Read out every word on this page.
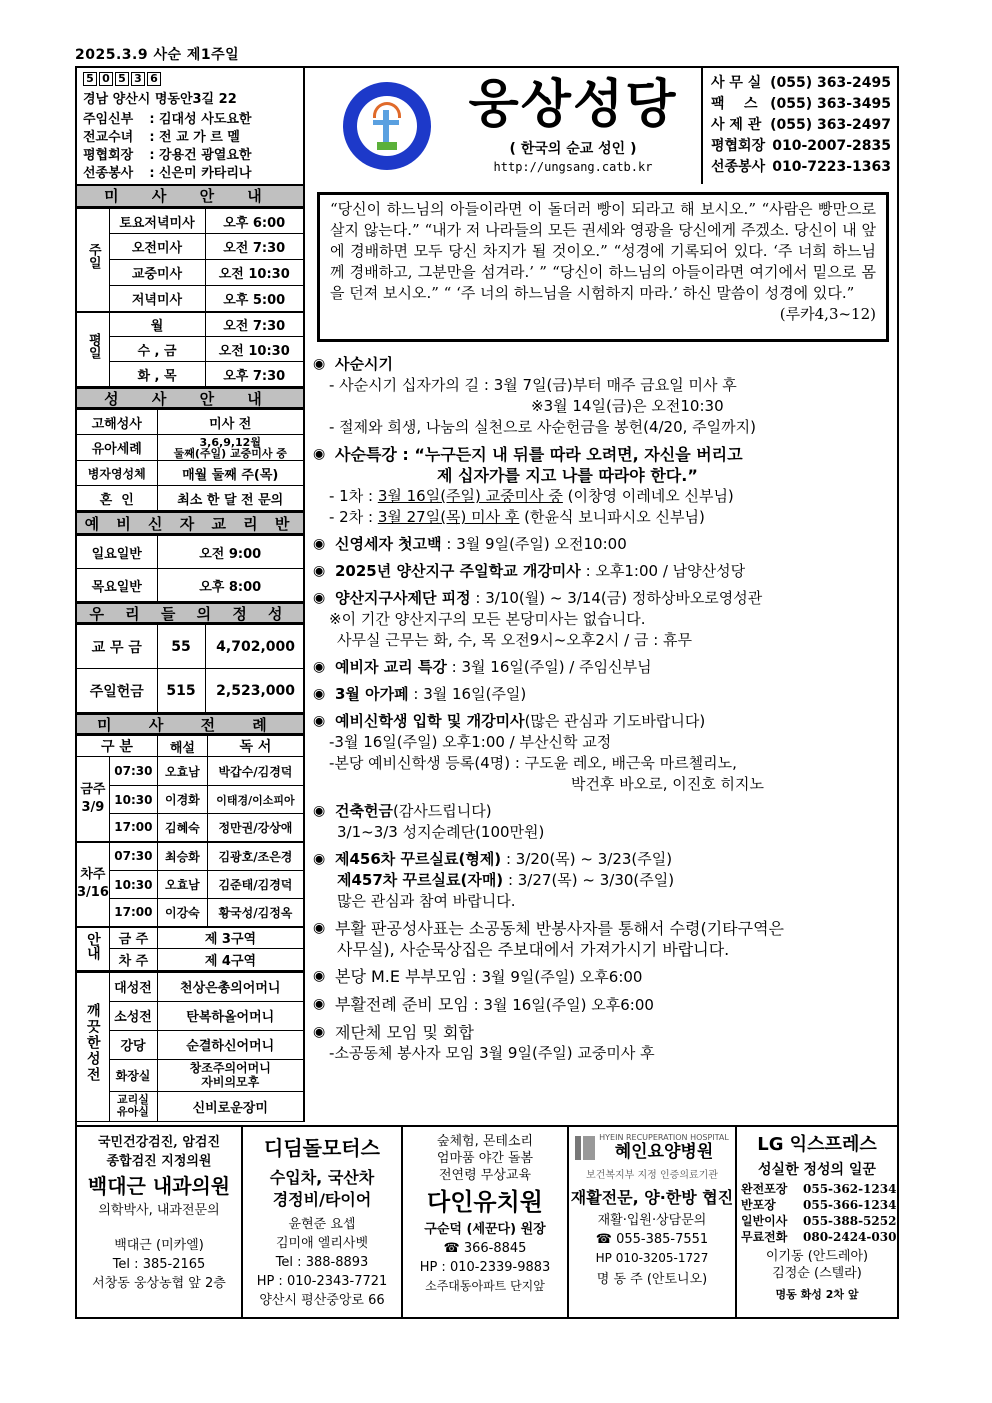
2025.3.9 사순 제1주일
5 0 5 3 6
경남 양산시 명동안3길 22
주임신부	: 김대성 사도요한
전교수녀	: 전 교 가 르 멜
평협회장	: 강용건 광열요한
선종봉사	: 신은미 카타리나
웅상성당
( 한국의 순교 성인 )
http://ungsang.catb.kr
사 무 실 (055) 363-2495
팩    스 (055) 363-3495
사 제 관 (055) 363-2497
평협회장 010-2007-2835
선종봉사 010-7223-1363
미 사 안 내
주일	토요저녁미사	오후 6:00
	오전미사	오전 7:30
	교중미사	오전 10:30
	저녁미사	오후 5:00
평일	월	오전 7:30
	수 , 금	오전 10:30
	화 , 목	오후 7:30
성 사 안 내
고해성사	미사 전
유아세례	3,6,9,12월
둘째(주일) 교중미사 중

병자영성체	매월 둘째 주(목)
혼  인	최소 한 달 전 문의
예 비 신 자 교 리 반
일요일반	오전 9:00
목요일반	오후 8:00
우 리 들 의 정 성
교 무 금	55	4,702,000
주일헌금	515	2,523,000
미 사 전 례
구 분		해설	독 서

금주
3/9	07:30	오효남	박갑수/김경덕
	10:30	이경화	이태경/이소피아
	17:00	김혜숙	정만권/강상애

차주
3/16	07:30	최승화	김광호/조은경
	10:30	오효남	김준태/김경덕
	17:00	이강숙	황국성/김정옥
안내	금 주	제 3구역	
	차 주	제 4구역	
깨끗한성전	대성전	천상은총의어머니
	소성전	탄복하올어머니
	강당	순결하신어머니
	화장실	창조주의어머니
자비의모후

	교리실
유아실	신비로운장미
“당신이 하느님의 아들이라면 이 돌더러 빵이 되라고 해 보시오.” “사람은 빵만으로 살지 않는다.” “내가 저 나라들의 모든 권세와 영광을 당신에게 주겠소. 당신이 내 앞에 경배하면 모두 당신 차지가 될 것이오.” “성경에 기록되어 있다. ‘주 너희 하느님께 경배하고, 그분만을 섬겨라.’ ” “당신이 하느님의 아들이라면 여기에서 밑으로 몸을 던져 보시오.” “ ‘주 너의 하느님을 시험하지 마라.’ 하신 말씀이 성경에 있다.”
(루카4,3~12)
◉ 사순시기
- 사순시기 십자가의 길 : 3월 7일(금)부터 매주 금요일 미사 후
※3월 14일(금)은 오전10:30
- 절제와 희생, 나눔의 실천으로 사순헌금을 봉헌(4/20, 주일까지)
◉ 사순특강 : “누구든지 내 뒤를 따라 오려면, 자신을 버리고
제 십자가를 지고 나를 따라야 한다.”
- 1차 : 3월 16일(주일) 교중미사 중 (이창영 이레네오 신부님)
- 2차 : 3월 27일(목) 미사 후 (한윤식 보니파시오 신부님)
◉ 신영세자 첫고백 : 3월 9일(주일) 오전10:00
◉ 2025년 양산지구 주일학교 개강미사 : 오후1:00 / 남양산성당
◉ 양산지구사제단 피정 : 3/10(월) ~ 3/14(금) 정하상바오로영성관
※이 기간 양산지구의 모든 본당미사는 없습니다.
사무실 근무는 화, 수, 목 오전9시~오후2시 / 금 : 휴무
◉ 예비자 교리 특강 : 3월 16일(주일) / 주임신부님
◉ 3월 아가페 : 3월 16일(주일)
◉ 예비신학생 입학 및 개강미사(많은 관심과 기도바랍니다)
-3월 16일(주일) 오후1:00 / 부산신학 교정
-본당 예비신학생 등록(4명) : 구도윤 레오, 배근욱 마르첼리노,
박건후 바오로, 이진호 히지노
◉ 건축헌금(감사드립니다)
3/1~3/3 성지순례단(100만원)
◉ 제456차 꾸르실료(형제) : 3/20(목) ~ 3/23(주일)
제457차 꾸르실료(자매) : 3/27(목) ~ 3/30(주일)
많은 관심과 참여 바랍니다.
◉ 부활 판공성사표는 소공동체 반봉사자를 통해서 수령(기타구역은
사무실), 사순묵상집은 주보대에서 가져가시기 바랍니다.
◉ 본당 M.E 부부모임 : 3월 9일(주일) 오후6:00
◉ 부활전례 준비 모임 : 3월 16일(주일) 오후6:00
◉ 제단체 모임 및 회합
-소공동체 봉사자 모임 3월 9일(주일) 교중미사 후
국민건강검진, 암검진
종합검진 지정의원
백대근 내과의원
의학박사, 내과전문의
백대근 (미카엘)
Tel : 385-2165
서창동 웅상농협 앞 2층
디딤돌모터스
수입차, 국산차
경정비/타이어
윤현준 요셉
김미애 엘리사벳
Tel : 388-8893
HP : 010-2343-7721
양산시 평산중앙로 66
숲체험, 몬테소리
엄마품 야간 돌봄
전연령 무상교육
다인유치원
구순덕 (세꾼다) 원장
☎ 366-8845
HP : 010-2339-9883
소주대동아파트 단지앞
HYEIN RECUPERATION HOSPITAL
혜인요양병원
보건복지부 지정 인증의료기관
재활전문, 양·한방 협진
재활·입원·상담문의
☎ 055-385-7551
HP 010-3205-1727
명 동 주 (안토니오)
LG 익스프레스
성실한 정성의 일꾼
완전포장	055-362-1234
반포장	055-366-1234
일반이사	055-388-5252
무료전화	080-2424-030
이기동 (안드레아)
김정순 (스텔라)
명동 화성 2차 앞
